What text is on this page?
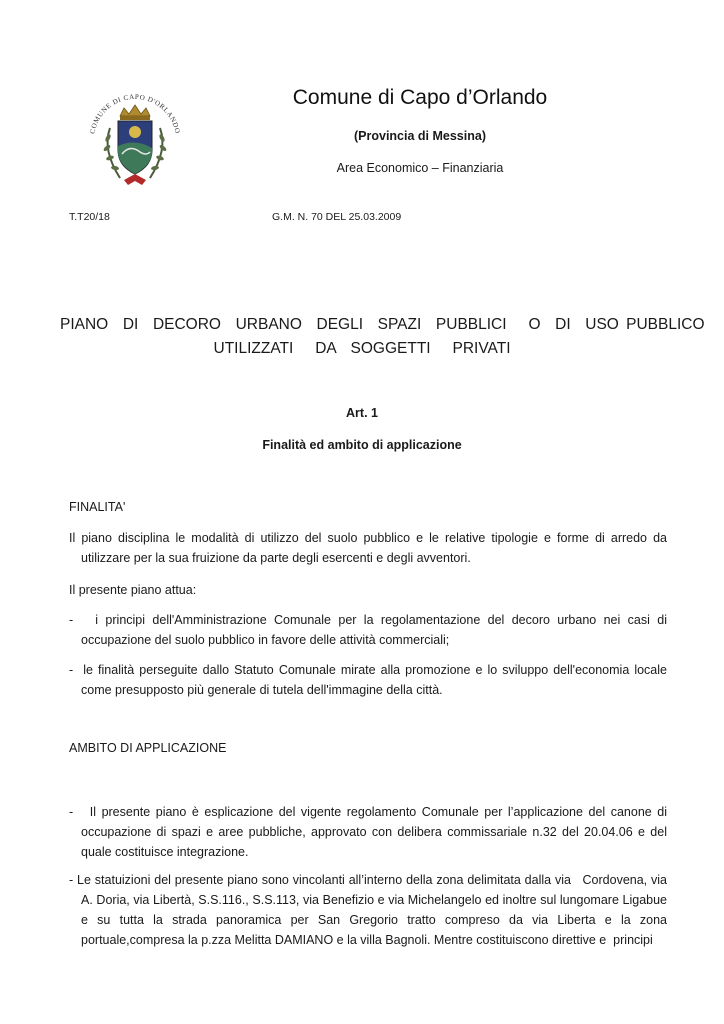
COMUNE DI CAPO D'ORLANDO
Comune di Capo d’Orlando
(Provincia di Messina)
Area Economico – Finanziaria
T.T20/18	G.M. N. 70 DEL 25.03.2009
PIANO  DI  DECORO  URBANO  DEGLI  SPAZI  PUBBLICI   O  DI  USO PUBBLICO
UTILIZZATI   DA  SOGGETTI   PRIVATI
Art. 1
Finalità ed ambito di applicazione
FINALITA'
Il piano disciplina le modalità di utilizzo del suolo pubblico e le relative tipologie e forme di arredo da utilizzare per la sua fruizione da parte degli esercenti e degli avventori.
Il presente piano attua:
-   i principi dell'Amministrazione Comunale per la regolamentazione del decoro urbano nei casi di occupazione del suolo pubblico in favore delle attività commerciali;
-  le finalità perseguite dallo Statuto Comunale mirate alla promozione e lo sviluppo dell'economia locale come presupposto più generale di tutela dell'immagine della città.
AMBITO DI APPLICAZIONE
-   Il presente piano è esplicazione del vigente regolamento Comunale per l’applicazione del canone di occupazione di spazi e aree pubbliche, approvato con delibera commissariale n.32 del 20.04.06 e del quale costituisce integrazione.
- Le statuizioni del presente piano sono vincolanti all’interno della zona delimitata dalla via   Cordovena, via A. Doria, via Libertà, S.S.116., S.S.113, via Benefizio e via Michelangelo ed inoltre sul lungomare Ligabue e su tutta la strada panoramica per San Gregorio tratto compreso da via Liberta e la zona portuale,compresa la p.zza Melitta DAMIANO e la villa Bagnoli. Mentre costituiscono direttive e  principi
